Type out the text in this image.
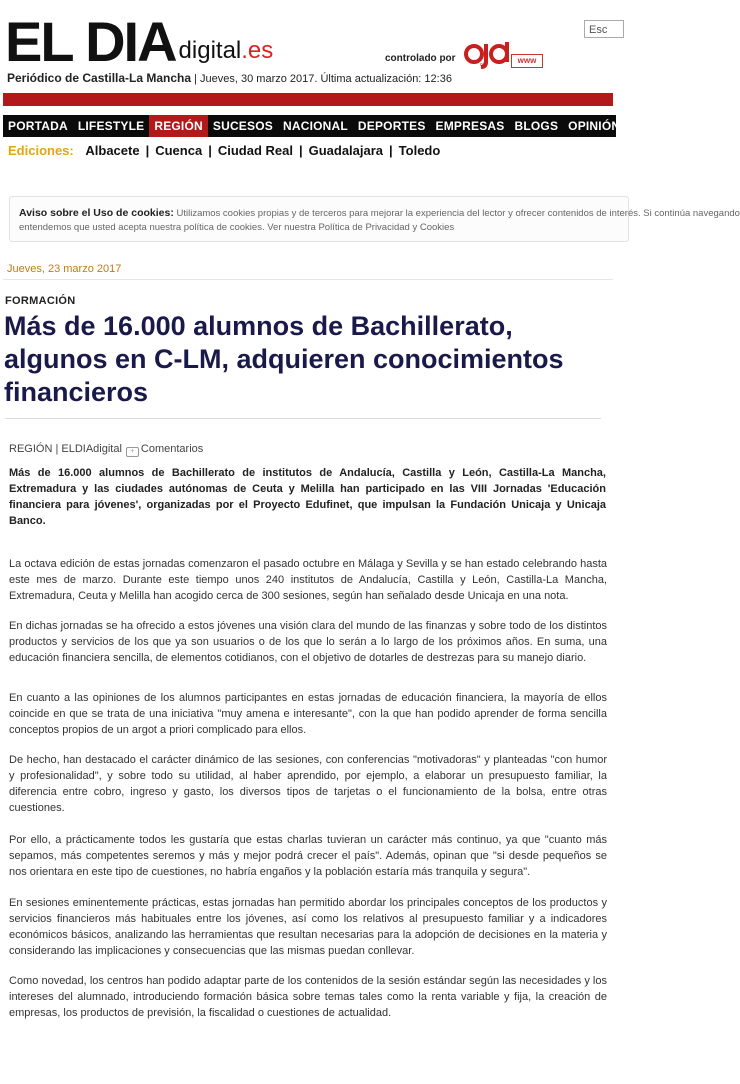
EL DIA digital.es	controlado por
ojd	www
Esc
Periódico de Castilla-La Mancha | Jueves, 30 marzo 2017. Última actualización: 12:36
PORTADA LIFESTYLE REGIÓN SUCESOS NACIONAL DEPORTES EMPRESAS BLOGS OPINIÓN MO
Ediciones: Albacete | Cuenca | Ciudad Real | Guadalajara | Toledo
Aviso sobre el Uso de cookies: Utilizamos cookies propias y de terceros para mejorar la experiencia del lector y ofrecer contenidos de interés. Si continúa navegando
entendemos que usted acepta nuestra política de cookies. Ver nuestra Política de Privacidad y Cookies
Jueves, 23 marzo 2017
FORMACIÓN
Más de 16.000 alumnos de Bachillerato, algunos en C-LM, adquieren conocimientos financieros
REGIÓN | ELDIAdigital + Comentarios

Más de 16.000 alumnos de Bachillerato de institutos de Andalucía, Castilla y León, Castilla-La Mancha, Extremadura y las ciudades autónomas de Ceuta y Melilla han participado en las VIII Jornadas 'Educación financiera para jóvenes', organizadas por el Proyecto Edufinet, que impulsan la Fundación Unicaja y Unicaja Banco.

La octava edición de estas jornadas comenzaron el pasado octubre en Málaga y Sevilla y se han estado celebrando hasta este mes de marzo. Durante este tiempo unos 240 institutos de Andalucía, Castilla y León, Castilla-La Mancha, Extremadura, Ceuta y Melilla han acogido cerca de 300 sesiones, según han señalado desde Unicaja en una nota.

En dichas jornadas se ha ofrecido a estos jóvenes una visión clara del mundo de las finanzas y sobre todo de los distintos productos y servicios de los que ya son usuarios o de los que lo serán a lo largo de los próximos años. En suma, una educación financiera sencilla, de elementos cotidianos, con el objetivo de dotarles de destrezas para su manejo diario.

En cuanto a las opiniones de los alumnos participantes en estas jornadas de educación financiera, la mayoría de ellos coincide en que se trata de una iniciativa "muy amena e interesante", con la que han podido aprender de forma sencilla conceptos propios de un argot a priori complicado para ellos.

De hecho, han destacado el carácter dinámico de las sesiones, con conferencias "motivadoras" y planteadas "con humor y profesionalidad", y sobre todo su utilidad, al haber aprendido, por ejemplo, a elaborar un presupuesto familiar, la diferencia entre cobro, ingreso y gasto, los diversos tipos de tarjetas o el funcionamiento de la bolsa, entre otras cuestiones.

Por ello, a prácticamente todos les gustaría que estas charlas tuvieran un carácter más continuo, ya que "cuanto más sepamos, más competentes seremos y más y mejor podrá crecer el país". Además, opinan que "si desde pequeños se nos orientara en este tipo de cuestiones, no habría engaños y la población estaría más tranquila y segura".

En sesiones eminentemente prácticas, estas jornadas han permitido abordar los principales conceptos de los productos y servicios financieros más habituales entre los jóvenes, así como los relativos al presupuesto familiar y a indicadores económicos básicos, analizando las herramientas que resultan necesarias para la adopción de decisiones en la materia y considerando las implicaciones y consecuencias que las mismas puedan conllevar.

Como novedad, los centros han podido adaptar parte de los contenidos de la sesión estándar según las necesidades y los intereses del alumnado, introduciendo formación básica sobre temas tales como la renta variable y fija, la creación de empresas, los productos de previsión, la fiscalidad o cuestiones de actualidad.
